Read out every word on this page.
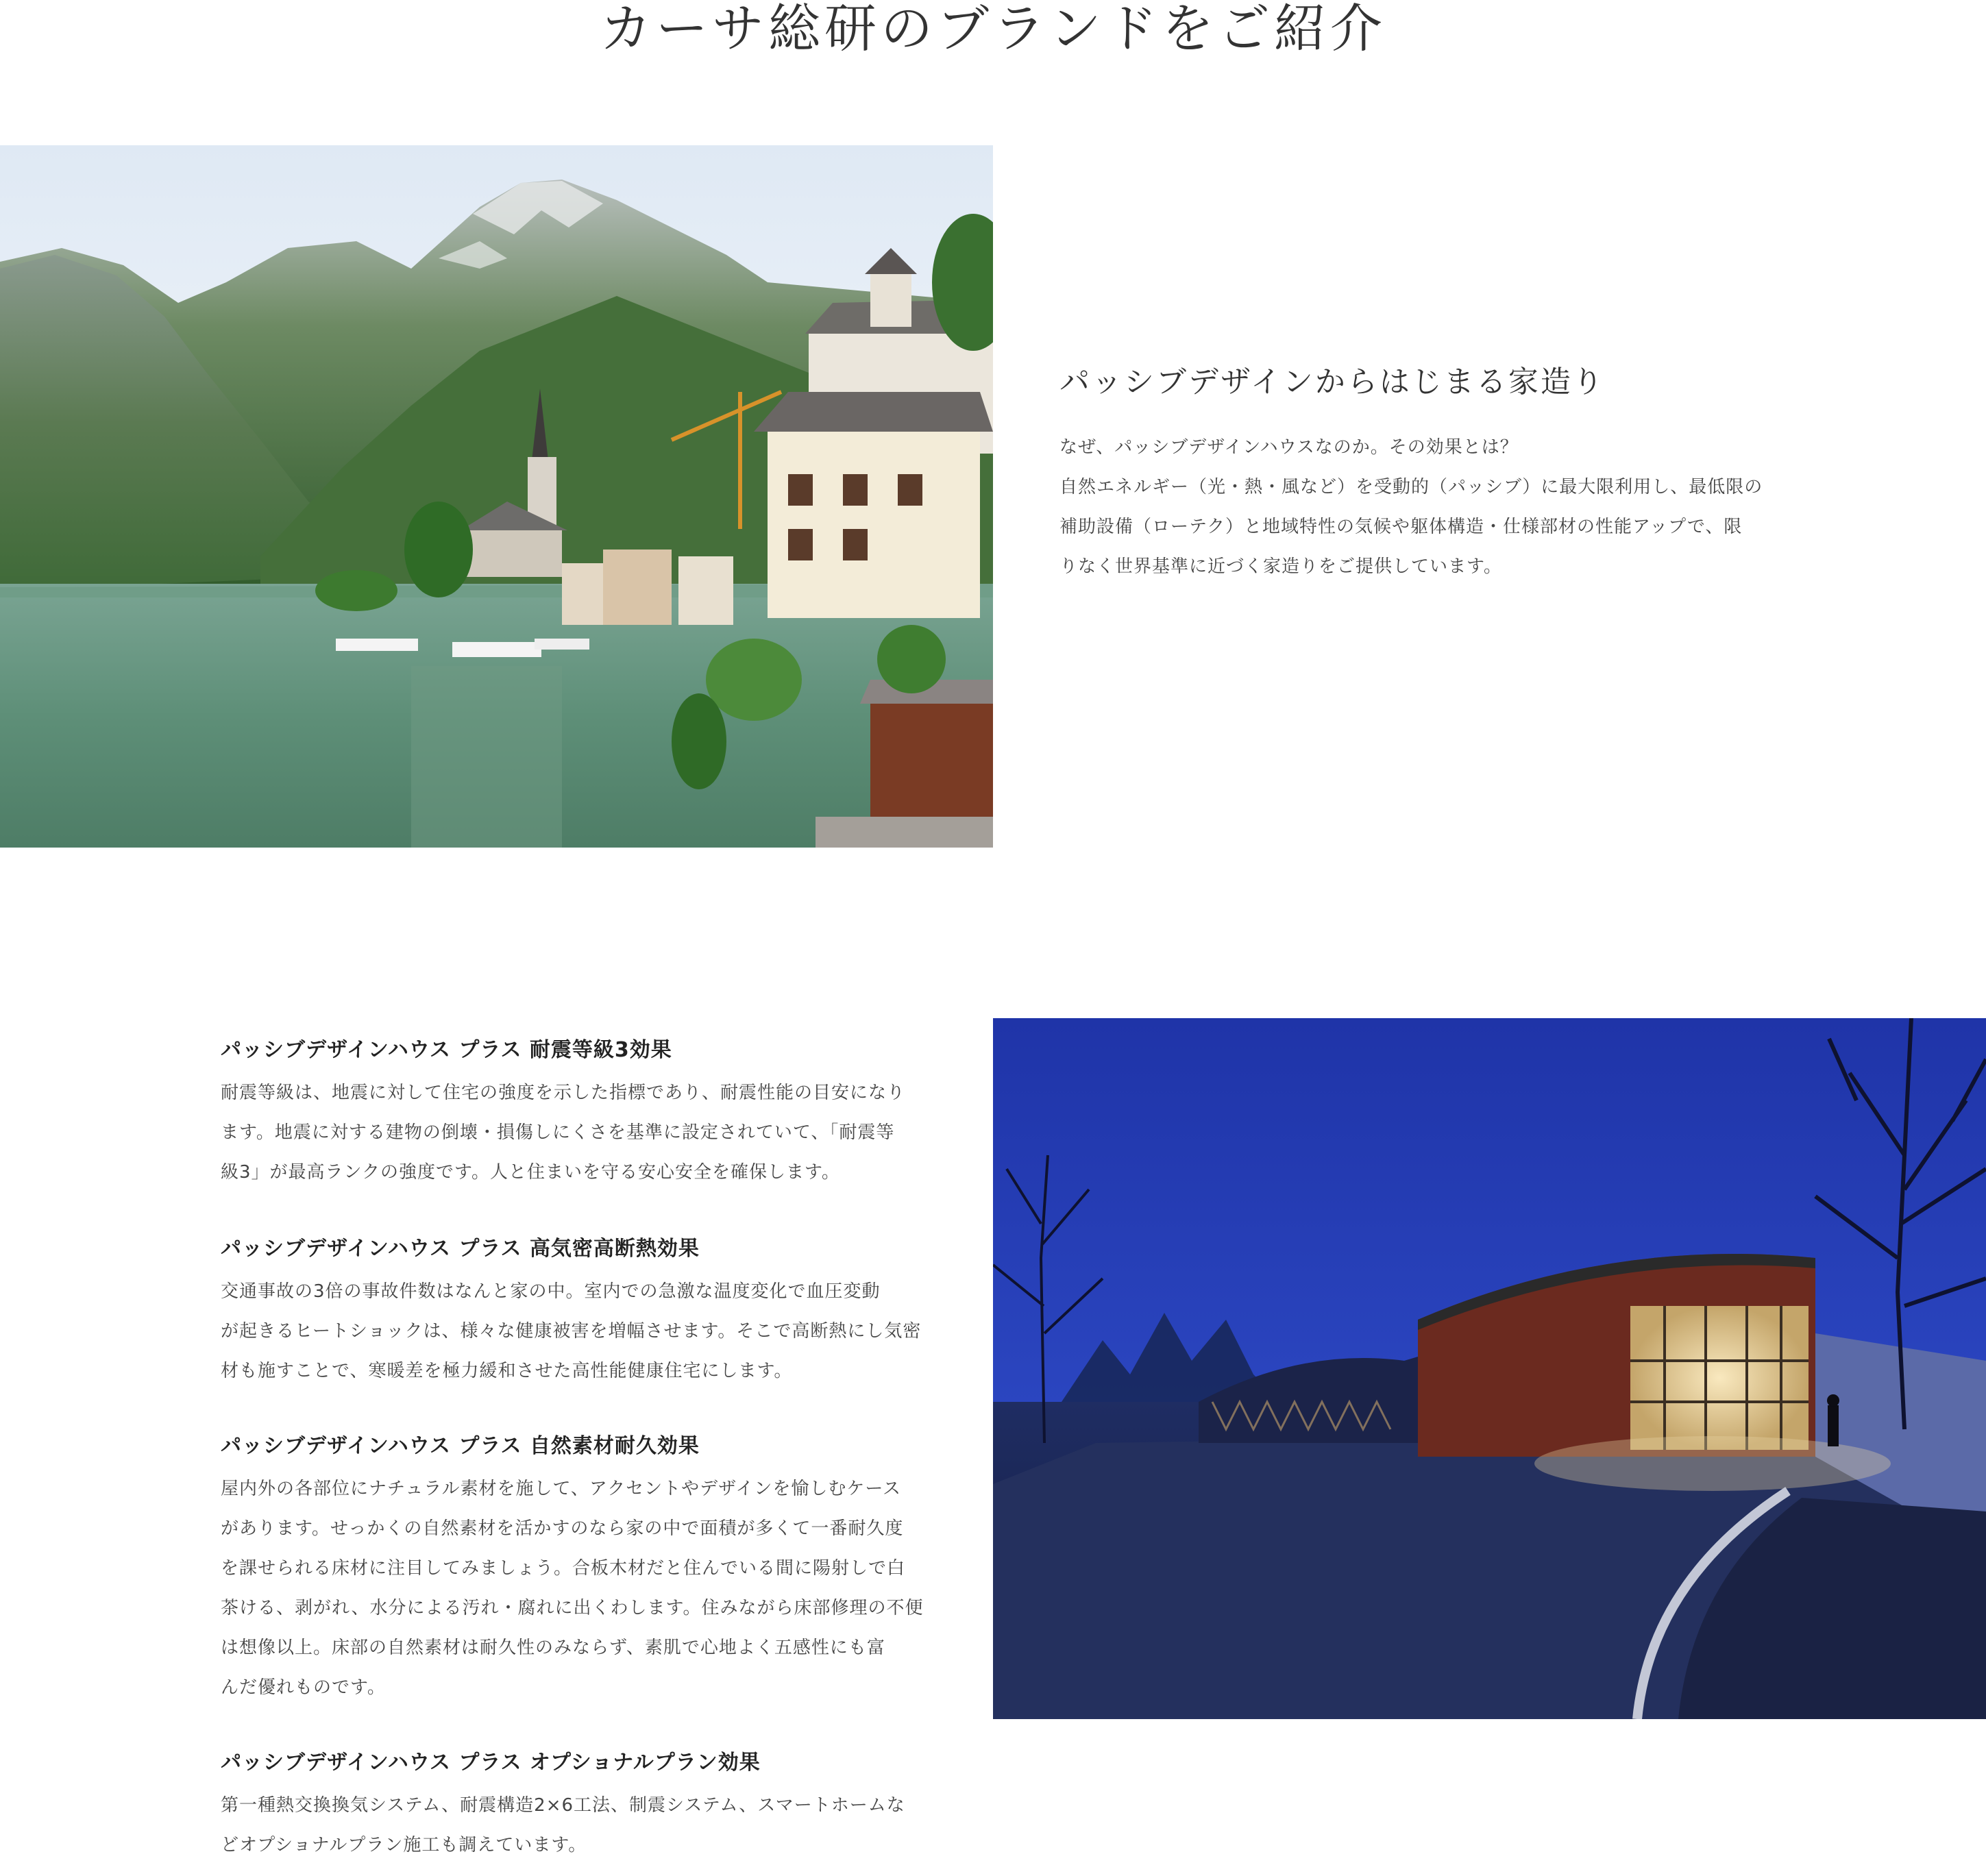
カーサ総研のブランドをご紹介
パッシブデザインからはじまる家造り

なぜ、パッシブデザインハウスなのか。その効果とは？
自然エネルギー（光・熱・風など）を受動的（パッシブ）に最大限利用し、最低限の
補助設備（ローテク）と地域特性の気候や躯体構造・仕様部材の性能アップで、限
りなく世界基準に近づく家造りをご提供しています。

パッシブデザインハウス プラス 耐震等級3効果

耐震等級は、地震に対して住宅の強度を示した指標であり、耐震性能の目安になり
ます。地震に対する建物の倒壊・損傷しにくさを基準に設定されていて、「耐震等
級3」が最高ランクの強度です。人と住まいを守る安心安全を確保します。

パッシブデザインハウス プラス 高気密高断熱効果

交通事故の3倍の事故件数はなんと家の中。室内での急激な温度変化で血圧変動
が起きるヒートショックは、様々な健康被害を増幅させます。そこで高断熱にし気密
材も施すことで、寒暖差を極力緩和させた高性能健康住宅にします。

パッシブデザインハウス プラス 自然素材耐久効果

屋内外の各部位にナチュラル素材を施して、アクセントやデザインを愉しむケース
があります。せっかくの自然素材を活かすのなら家の中で面積が多くて一番耐久度
を課せられる床材に注目してみましょう。合板木材だと住んでいる間に陽射しで白
茶ける、剥がれ、水分による汚れ・腐れに出くわします。住みながら床部修理の不便
は想像以上。床部の自然素材は耐久性のみならず、素肌で心地よく五感性にも富
んだ優れものです。

パッシブデザインハウス プラス オプショナルプラン効果

第一種熱交換換気システム、耐震構造2×6工法、制震システム、スマートホームな
どオプショナルプラン施工も調えています。
